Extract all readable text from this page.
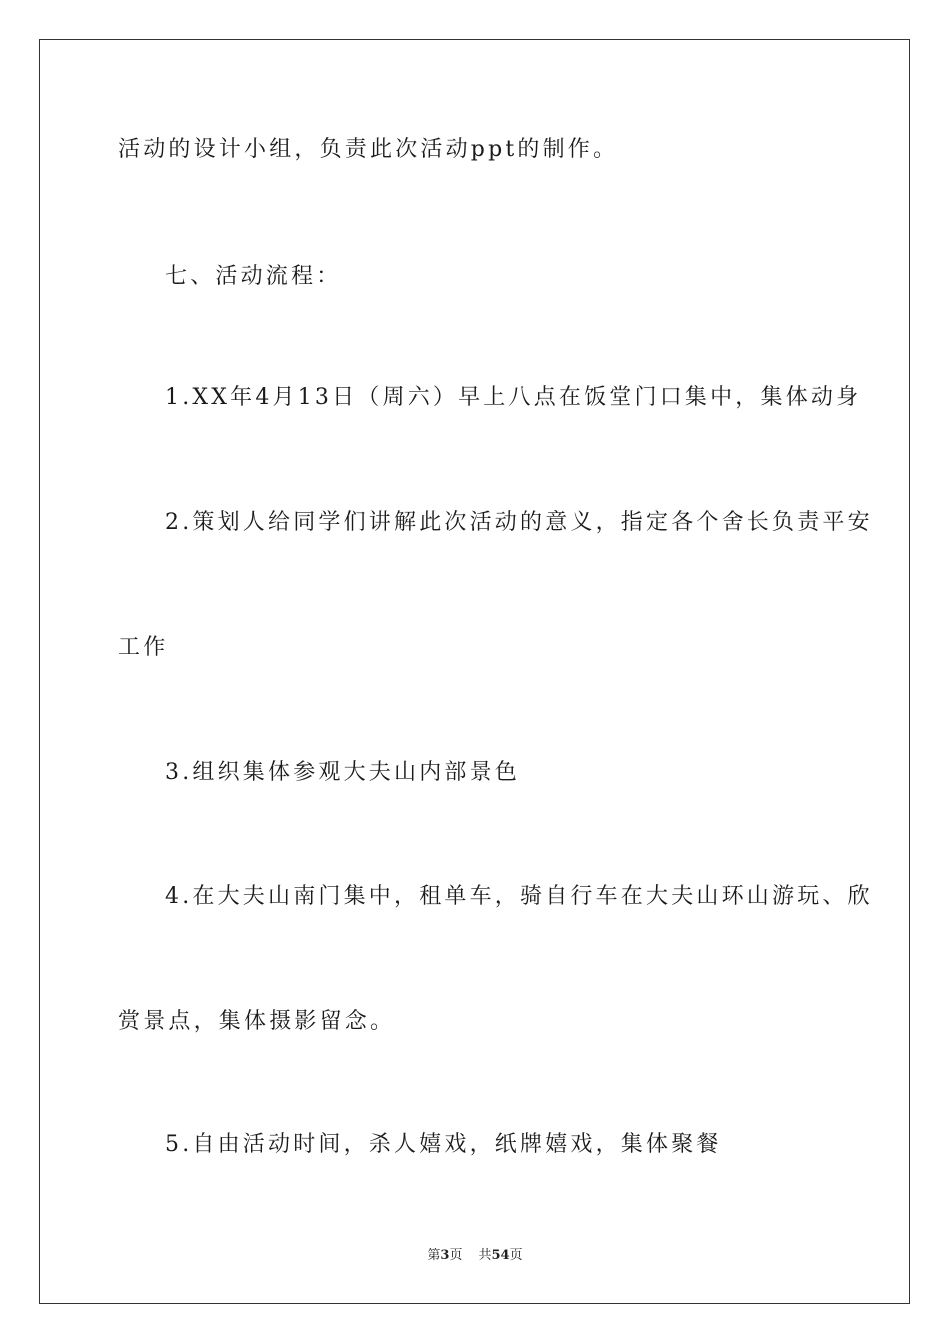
活动的设计小组，负责此次活动ppt的制作。
七、活动流程：
1.XX年4月13日（周六）早上八点在饭堂门口集中，集体动身
2.策划人给同学们讲解此次活动的意义，指定各个舍长负责平安
工作
3.组织集体参观大夫山内部景色
4.在大夫山南门集中，租单车，骑自行车在大夫山环山游玩、欣
赏景点，集体摄影留念。
5.自由活动时间，杀人嬉戏，纸牌嬉戏，集体聚餐
第3页 共54页
